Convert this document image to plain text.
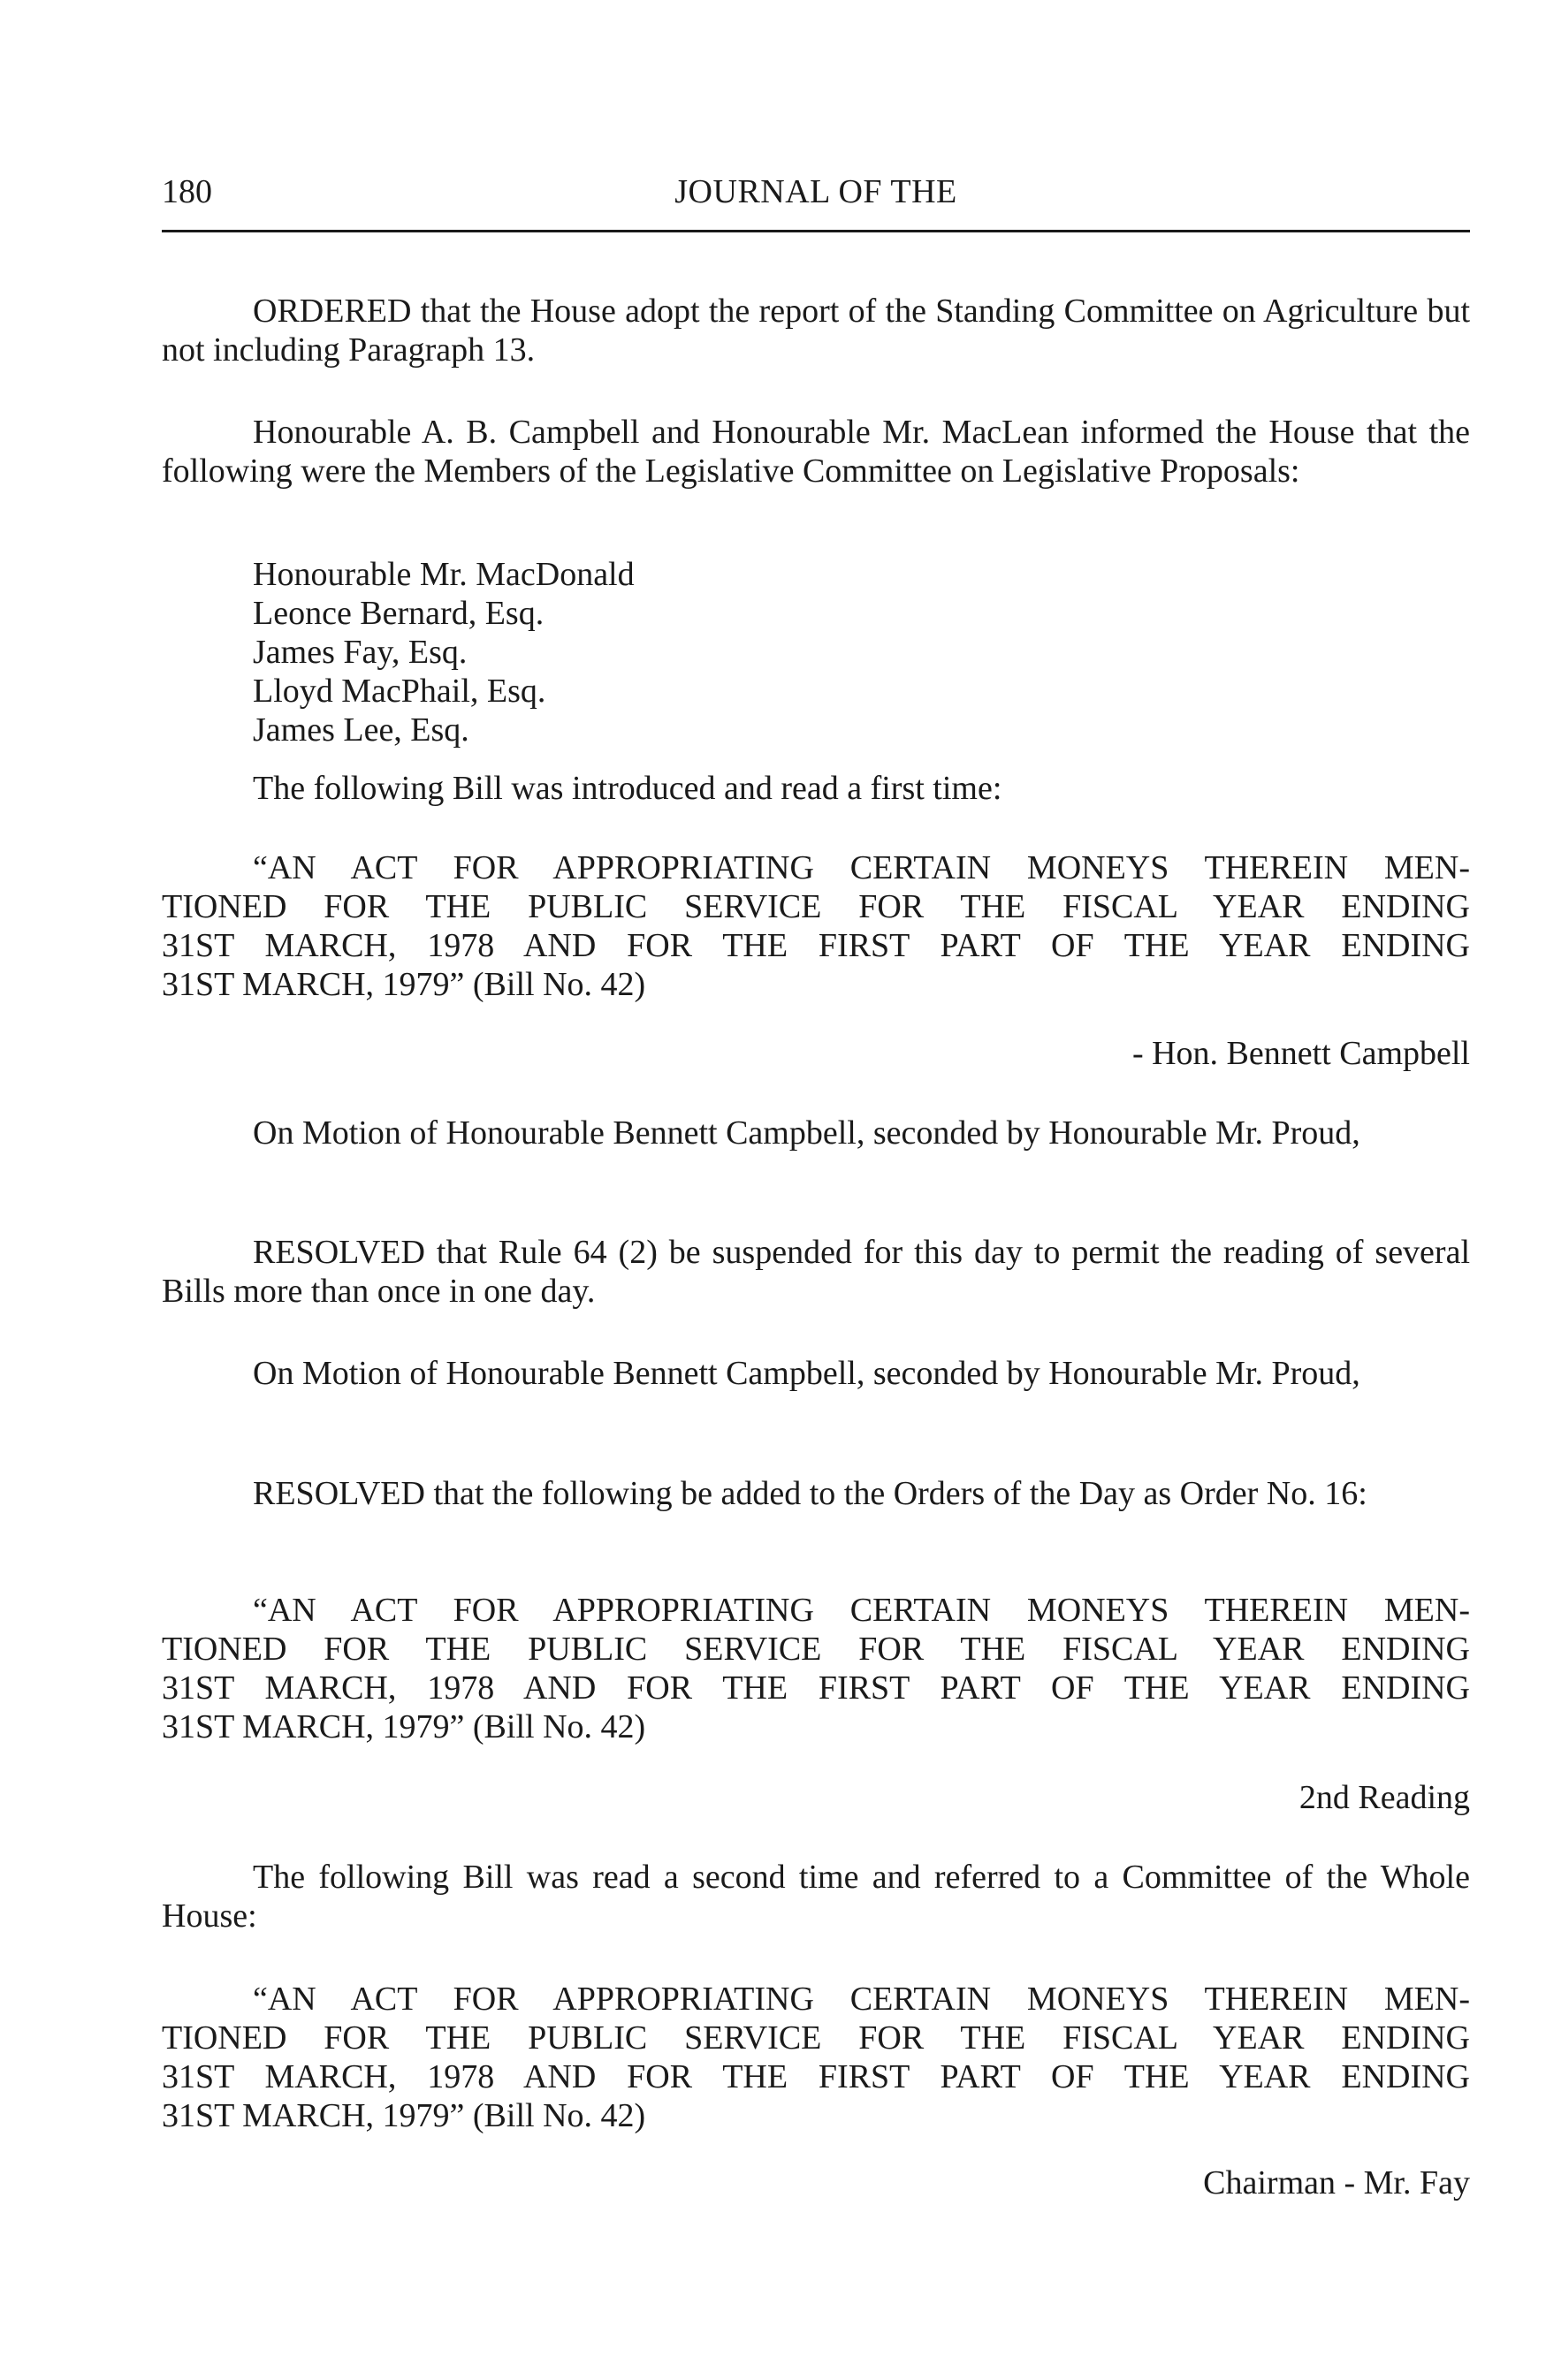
180	JOURNAL OF THE

ORDERED that the House adopt the report of the Standing Committee on Agriculture but not including Paragraph 13.

Honourable A. B. Campbell and Honourable Mr. MacLean informed the House that the following were the Members of the Legislative Committee on Legislative Proposals:

Honourable Mr. MacDonald
Leonce Bernard, Esq.
James Fay, Esq.
Lloyd MacPhail, Esq.
James Lee, Esq.

The following Bill was introduced and read a first time:

“AN ACT FOR APPROPRIATING CERTAIN MONEYS THEREIN MEN-
TIONED FOR THE PUBLIC SERVICE FOR THE FISCAL YEAR ENDING
31ST MARCH, 1978 AND FOR THE FIRST PART OF THE YEAR ENDING
31ST MARCH, 1979” (Bill No. 42)
- Hon. Bennett Campbell

On Motion of Honourable Bennett Campbell, seconded by Honourable Mr. Proud,

RESOLVED that Rule 64 (2) be suspended for this day to permit the reading of several Bills more than once in one day.

On Motion of Honourable Bennett Campbell, seconded by Honourable Mr. Proud,

RESOLVED that the following be added to the Orders of the Day as Order No. 16:

“AN ACT FOR APPROPRIATING CERTAIN MONEYS THEREIN MEN-
TIONED FOR THE PUBLIC SERVICE FOR THE FISCAL YEAR ENDING
31ST MARCH, 1978 AND FOR THE FIRST PART OF THE YEAR ENDING
31ST MARCH, 1979” (Bill No. 42)
2nd Reading

The following Bill was read a second time and referred to a Committee of the Whole House:

“AN ACT FOR APPROPRIATING CERTAIN MONEYS THEREIN MEN-
TIONED FOR THE PUBLIC SERVICE FOR THE FISCAL YEAR ENDING
31ST MARCH, 1978 AND FOR THE FIRST PART OF THE YEAR ENDING
31ST MARCH, 1979” (Bill No. 42)
Chairman - Mr. Fay
